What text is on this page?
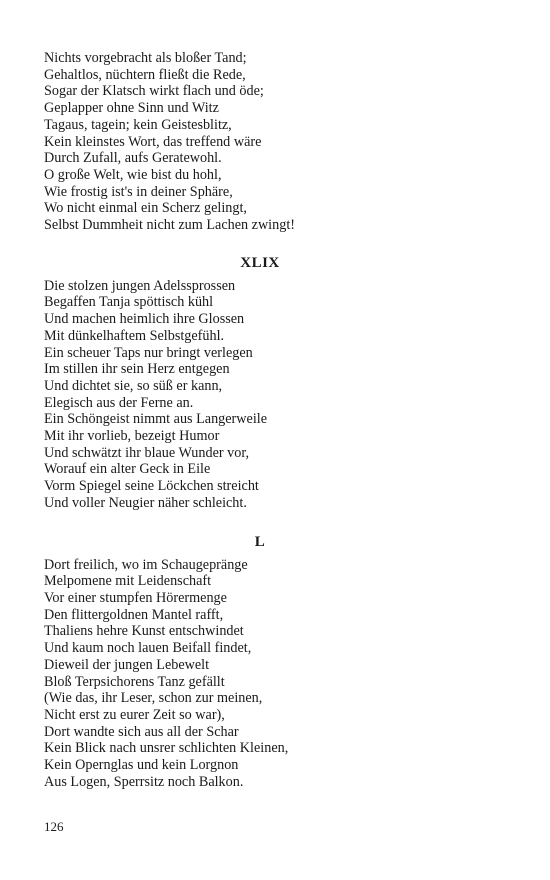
Nichts vorgebracht als bloßer Tand;
Gehaltlos, nüchtern fließt die Rede,
Sogar der Klatsch wirkt flach und öde;
Geplapper ohne Sinn und Witz
Tagaus, tagein; kein Geistesblitz,
Kein kleinstes Wort, das treffend wäre
Durch Zufall, aufs Geratewohl.
O große Welt, wie bist du hohl,
Wie frostig ist's in deiner Sphäre,
Wo nicht einmal ein Scherz gelingt,
Selbst Dummheit nicht zum Lachen zwingt!
XLIX
Die stolzen jungen Adelssprossen
Begaffen Tanja spöttisch kühl
Und machen heimlich ihre Glossen
Mit dünkelhaftem Selbstgefühl.
Ein scheuer Taps nur bringt verlegen
Im stillen ihr sein Herz entgegen
Und dichtet sie, so süß er kann,
Elegisch aus der Ferne an.
Ein Schöngeist nimmt aus Langerweile
Mit ihr vorlieb, bezeigt Humor
Und schwätzt ihr blaue Wunder vor,
Worauf ein alter Geck in Eile
Vorm Spiegel seine Löckchen streicht
Und voller Neugier näher schleicht.
L
Dort freilich, wo im Schaugepränge
Melpomene mit Leidenschaft
Vor einer stumpfen Hörermenge
Den flittergoldnen Mantel rafft,
Thaliens hehre Kunst entschwindet
Und kaum noch lauen Beifall findet,
Dieweil der jungen Lebewelt
Bloß Terpsichorens Tanz gefällt
(Wie das, ihr Leser, schon zur meinen,
Nicht erst zu eurer Zeit so war),
Dort wandte sich aus all der Schar
Kein Blick nach unsrer schlichten Kleinen,
Kein Opernglas und kein Lorgnon
Aus Logen, Sperrsitz noch Balkon.
126
